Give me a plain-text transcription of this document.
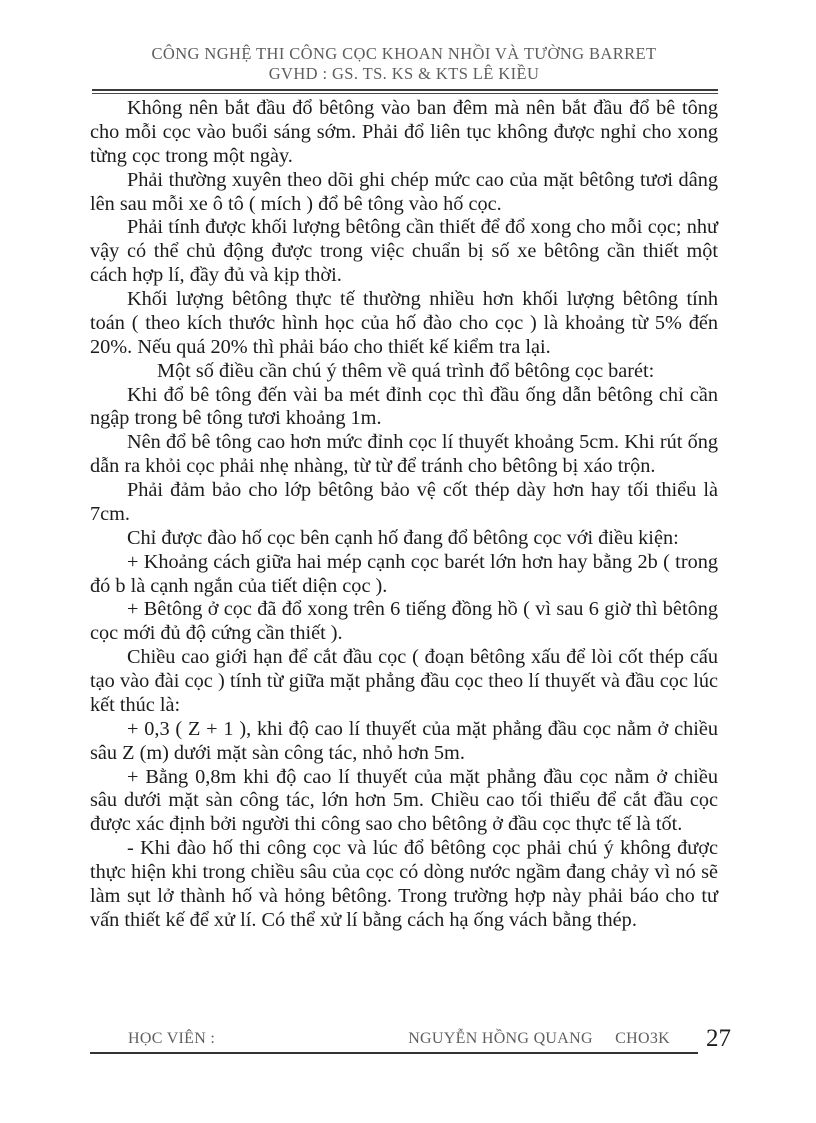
CÔNG NGHỆ THI CÔNG CỌC KHOAN NHỒI VÀ TƯỜNG BARRET
GVHD : GS. TS. KS & KTS LÊ KIỀU

Không nên bắt đầu đổ bêtông vào ban đêm mà nên bắt đầu đổ bê tông cho mỗi cọc vào buổi sáng sớm. Phải đổ liên tục không được nghỉ cho xong từng cọc trong một ngày.

Phải thường xuyên theo dõi ghi chép mức cao của mặt bêtông tươi dâng lên sau mỗi xe ô tô ( mích ) đổ bê tông vào hố cọc.

Phải tính được khối lượng bêtông cần thiết để đổ xong cho mỗi cọc; như vậy có thể chủ động được trong việc chuẩn bị số xe bêtông cần thiết một cách hợp lí, đầy đủ và kịp thời.

Khối lượng bêtông thực tế thường nhiều hơn khối lượng bêtông tính toán ( theo kích thước hình học của hố đào cho cọc ) là khoảng từ 5% đến 20%. Nếu quá 20% thì phải báo cho thiết kế kiểm tra lại.

Một số điều cần chú ý thêm về quá trình đổ bêtông cọc barét:

Khi đổ bê tông đến vài ba mét đỉnh cọc thì đầu ống dẫn bêtông chỉ cần ngập trong bê tông tươi khoảng 1m.

Nên đổ bê tông cao hơn mức đỉnh cọc lí thuyết khoảng 5cm. Khi rút ống dẫn ra khỏi cọc phải nhẹ nhàng, từ từ để tránh cho bêtông bị xáo trộn.

Phải đảm bảo cho lớp bêtông bảo vệ cốt thép dày hơn hay tối thiểu là 7cm.

Chỉ được đào hố cọc bên cạnh hố đang đổ bêtông cọc với điều kiện:

+ Khoảng cách giữa hai mép cạnh cọc barét lớn hơn hay bằng 2b ( trong đó b là cạnh ngắn của tiết diện cọc ).

+ Bêtông ở cọc đã đổ xong trên 6 tiếng đồng hồ ( vì sau 6 giờ thì bêtông cọc mới đủ độ cứng cần thiết ).

Chiều cao giới hạn để cắt đầu cọc ( đoạn bêtông xấu để lòi cốt thép cấu tạo vào đài cọc ) tính từ giữa mặt phẳng đầu cọc theo lí thuyết và đầu cọc lúc kết thúc là:

+ 0,3 ( Z + 1 ), khi độ cao lí thuyết của mặt phẳng đầu cọc nằm ở chiều sâu Z (m) dưới mặt sàn công tác, nhỏ hơn 5m.

+ Bằng 0,8m khi độ cao lí thuyết của mặt phẳng đầu cọc nằm ở chiều sâu dưới mặt sàn công tác, lớn hơn 5m. Chiều cao tối thiểu để cắt đầu cọc được xác định bởi người thi công sao cho bêtông ở đầu cọc thực tế là tốt.

- Khi đào hố thi công cọc và lúc đổ bêtông cọc phải chú ý không được thực hiện khi trong chiều sâu của cọc có dòng nước ngầm đang chảy vì nó sẽ làm sụt lở thành hố và hỏng bêtông. Trong trường hợp này phải báo cho tư vấn thiết kế để xử lí. Có thể xử lí bằng cách hạ ống vách bằng thép.

HỌC VIÊN :	NGUYỄN HỒNG QUANG CHO3K 27
